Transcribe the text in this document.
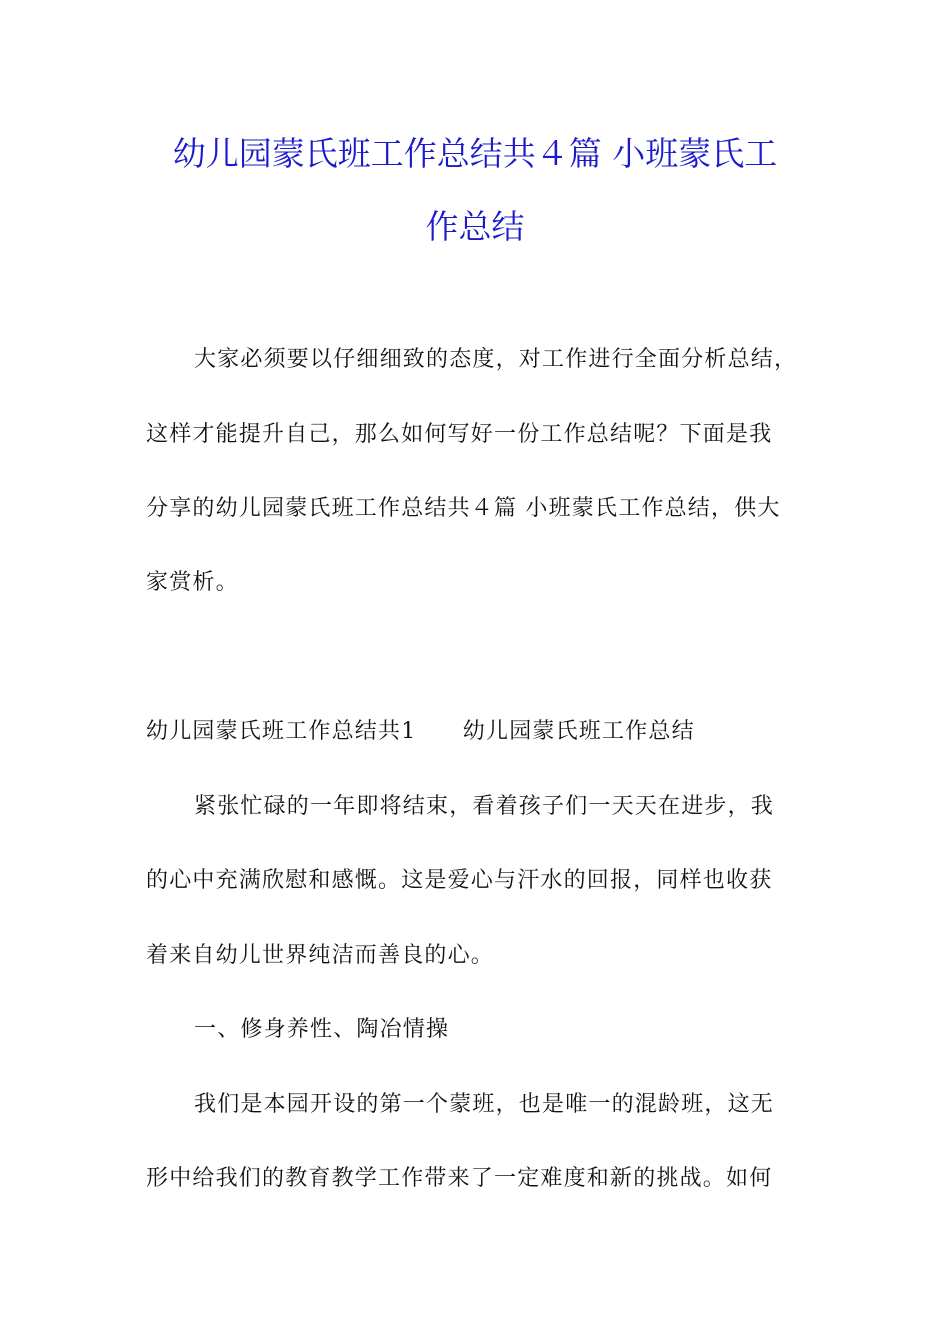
幼儿园蒙氏班工作总结共４篇 小班蒙氏工
作总结
大家必须要以仔细细致的态度，对工作进行全面分析总结，
这样才能提升自己，那么如何写好一份工作总结呢？下面是我
分享的幼儿园蒙氏班工作总结共４篇 小班蒙氏工作总结，供大
家赏析。
幼儿园蒙氏班工作总结共1　　幼儿园蒙氏班工作总结
紧张忙碌的一年即将结束，看着孩子们一天天在进步，我
的心中充满欣慰和感慨。这是爱心与汗水的回报，同样也收获
着来自幼儿世界纯洁而善良的心。
一、修身养性、陶冶情操
我们是本园开设的第一个蒙班，也是唯一的混龄班，这无
形中给我们的教育教学工作带来了一定难度和新的挑战。如何
